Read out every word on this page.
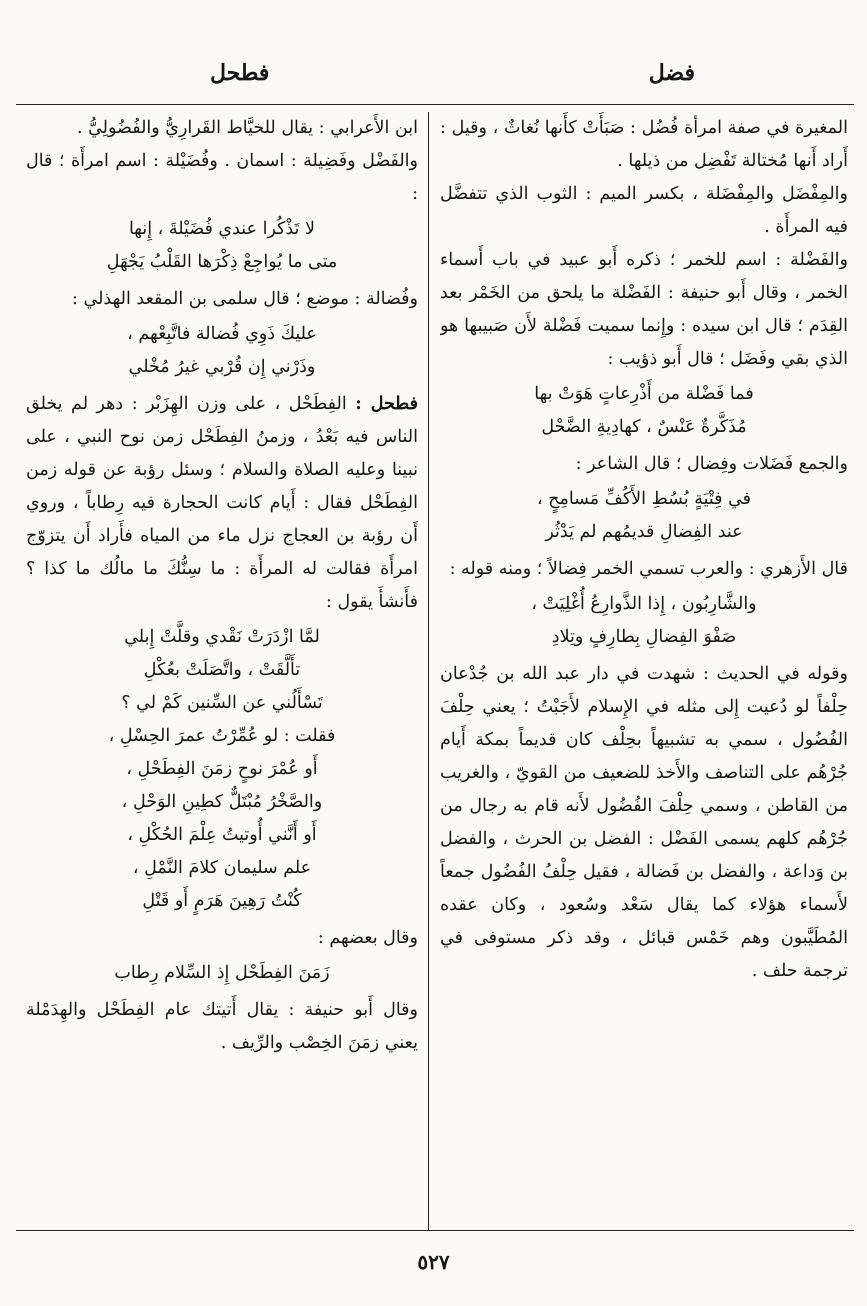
فضل
فطحل

المغيرة في صفة امرأة فُضُل : صَبَأَتْ كأَنها نُغاثٌ ، وقيل : أَراد أَنها مُختالة تَفْضِل من ذيلها .

والمِفْضَل والمِفْضَلة ، بكسر الميم : الثوب الذي تتفضَّل فيه المرأَة .

والفَضْلة : اسم للخمر ؛ ذكره أَبو عبيد في باب أَسماء الخمر ، وقال أَبو حنيفة : الفَضْلة ما يلحق من الخَمْر بعد القِدَم ؛ قال ابن سيده : وإِنما سميت فَضْلة لأَن صَبيبها هو الذي بقي وفَضَل ؛ قال أَبو ذؤيب :

فما فَضْلة من أَذْرِعاتٍ هَوَتْ بها
مُذَكَّرةٌ عَنْسٌ ، كهادِيةِ الضَّحْل

والجمع فَضَلات وفِضال ؛ قال الشاعر :

في فِتْيَةٍ بُسُطِ الأَكُفِّ مَسامِحٍ ،
عند الفِضالِ قديمُهم لم يَدْثُر

قال الأَزهري : والعرب تسمي الخمر فِضالاً ؛ ومنه قوله :

والشَّارِبُون ، إِذا الذَّوارِعُ أُغْلِيَتْ ،
صَفْوَ الفِضالِ بِطارِفٍ وتِلادِ

وقوله في الحديث : شهدت في دار عبد الله بن جُدْعان حِلْفاً لو دُعيت إِلى مثله في الإِسلام لأَجَبْتُ ؛ يعني حِلْفَ الفُضُول ، سمي به تشبيهاً بحِلْف كان قديماً بمكة أَيام جُرْهُم على التناصف والأَخذ للضعيف من القويّ ، والغريب من القاطن ، وسمي حِلْفَ الفُضُول لأَنه قام به رجال من جُرْهُم كلهم يسمى الفَضْل : الفضل بن الحرث ، والفضل بن وَداعة ، والفضل بن فَضالة ، فقيل حِلْفُ الفُضُول جمعاً لأَسماء هؤلاء كما يقال سَعْد وسُعود ، وكان عقده المُطَيَّبون وهم خَمْس قبائل ، وقد ذكر مستوفى في ترجمة حلف .

ابن الأَعرابي : يقال للخيَّاط القَرارِيُّ والفُضُولِيُّ .

والفَضْل وفَضِيلة : اسمان . وفُضَيْلة : اسم امرأَة ؛ قال :

لا تَذْكُرا عندي فُضَيْلةَ ، إِنها
متى ما يُواجِعْ ذِكْرَها القَلْبُ يَجْهَلِ

وفُضالة : موضع ؛ قال سلمى بن المقعد الهذلي :

عليكَ ذَوِي فُضالة فاتَّبِعْهم ،
وذَرْني إِن قُرْبي غيرُ مُخْلي

فطحل : الفِطَحْل ، على وزن الهِزَبْر : دهر لم يخلق الناس فيه بَعْدُ ، وزمنُ الفِطَحْل زمن نوح النبي ، على نبينا وعليه الصلاة والسلام ؛ وسئل رؤبة عن قوله زمن الفِطَحْل فقال : أَيام كانت الحجارة فيه رِطاباً ، وروي أَن رؤبة بن العجاج نزل ماء من المياه فأَراد أَن يتزوّج امرأَة فقالت له المرأَة : ما سِنُّكَ ما مالُك ما كذا ؟ فأَنشأَ يقول :

لمَّا ازْدَرَتْ نَقْدي وقلَّتْ إِبلي
تأَلَّقَتْ ، واتَّصَلَتْ بعُكْلِ
تَسْأَلُني عن السِّنين كَمْ لي ؟
فقلت : لو عُمِّرْتُ عمرَ الحِسْلِ ،
أَو عُمْرَ نوحٍ زمَنَ الفِطَحْلِ ،
والصَّخْرُ مُبْتَلٌّ كطِينِ الوَحْلِ ،
أَو أَنَّني أُوتيتُ عِلْمَ الحُكْلِ ،
علم سليمان كلامَ النَّمْلِ ،
كُنْتُ رَهِينَ هَرَمٍ أَو قَتْلِ

وقال بعضهم :

زَمَنَ الفِطَحْل إِذ السِّلام رِطاب

وقال أَبو حنيفة : يقال أَتيتك عام الفِطَحْل والهِدَمْلة يعني زمَنَ الخِصْب والرِّيف .

٥٢٧
